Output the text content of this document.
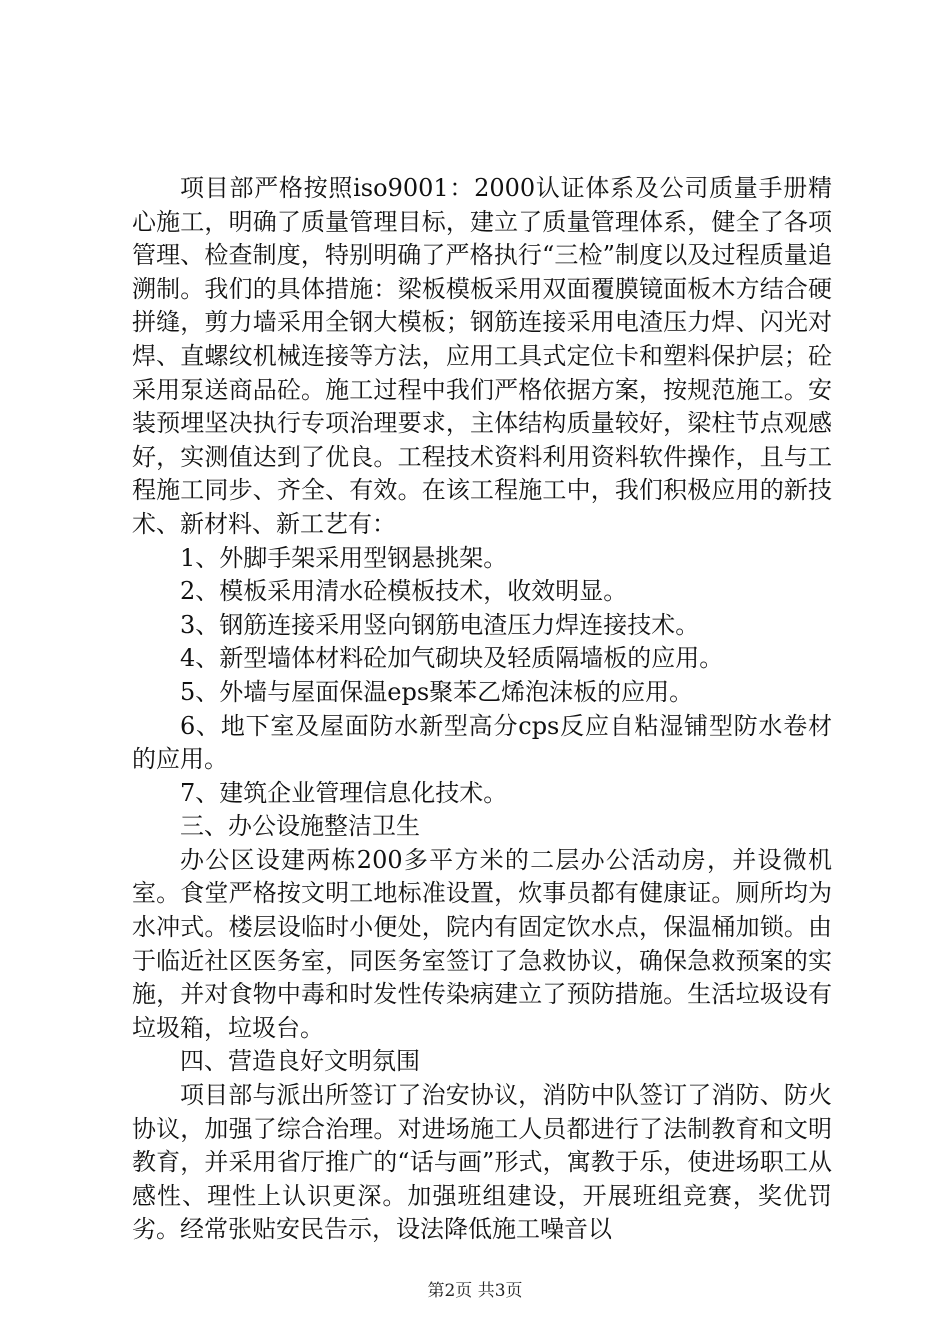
项目部严格按照iso9001：2000认证体系及公司质量手册精心施工，明确了质量管理目标，建立了质量管理体系，健全了各项管理、检查制度，特别明确了严格执行“三检”制度以及过程质量追溯制。我们的具体措施：梁板模板采用双面覆膜镜面板木方结合硬拼缝，剪力墙采用全钢大模板；钢筋连接采用电渣压力焊、闪光对焊、直螺纹机械连接等方法，应用工具式定位卡和塑料保护层；砼采用泵送商品砼。施工过程中我们严格依据方案，按规范施工。安装预埋坚决执行专项治理要求，主体结构质量较好，梁柱节点观感好，实测值达到了优良。工程技术资料利用资料软件操作，且与工程施工同步、齐全、有效。在该工程施工中，我们积极应用的新技术、新材料、新工艺有：

1、外脚手架采用型钢悬挑架。

2、模板采用清水砼模板技术，收效明显。

3、钢筋连接采用竖向钢筋电渣压力焊连接技术。

4、新型墙体材料砼加气砌块及轻质隔墙板的应用。

5、外墙与屋面保温eps聚苯乙烯泡沫板的应用。

6、地下室及屋面防水新型高分cps反应自粘湿铺型防水卷材的应用。

7、建筑企业管理信息化技术。

三、办公设施整洁卫生

办公区设建两栋200多平方米的二层办公活动房，并设微机室。食堂严格按文明工地标准设置，炊事员都有健康证。厕所均为水冲式。楼层设临时小便处，院内有固定饮水点，保温桶加锁。由于临近社区医务室，同医务室签订了急救协议，确保急救预案的实施，并对食物中毒和时发性传染病建立了预防措施。生活垃圾设有垃圾箱，垃圾台。

四、营造良好文明氛围

项目部与派出所签订了治安协议，消防中队签订了消防、防火协议，加强了综合治理。对进场施工人员都进行了法制教育和文明教育，并采用省厅推广的“话与画”形式，寓教于乐，使进场职工从感性、理性上认识更深。加强班组建设，开展班组竞赛，奖优罚劣。经常张贴安民告示，设法降低施工噪音以

第2页 共3页
